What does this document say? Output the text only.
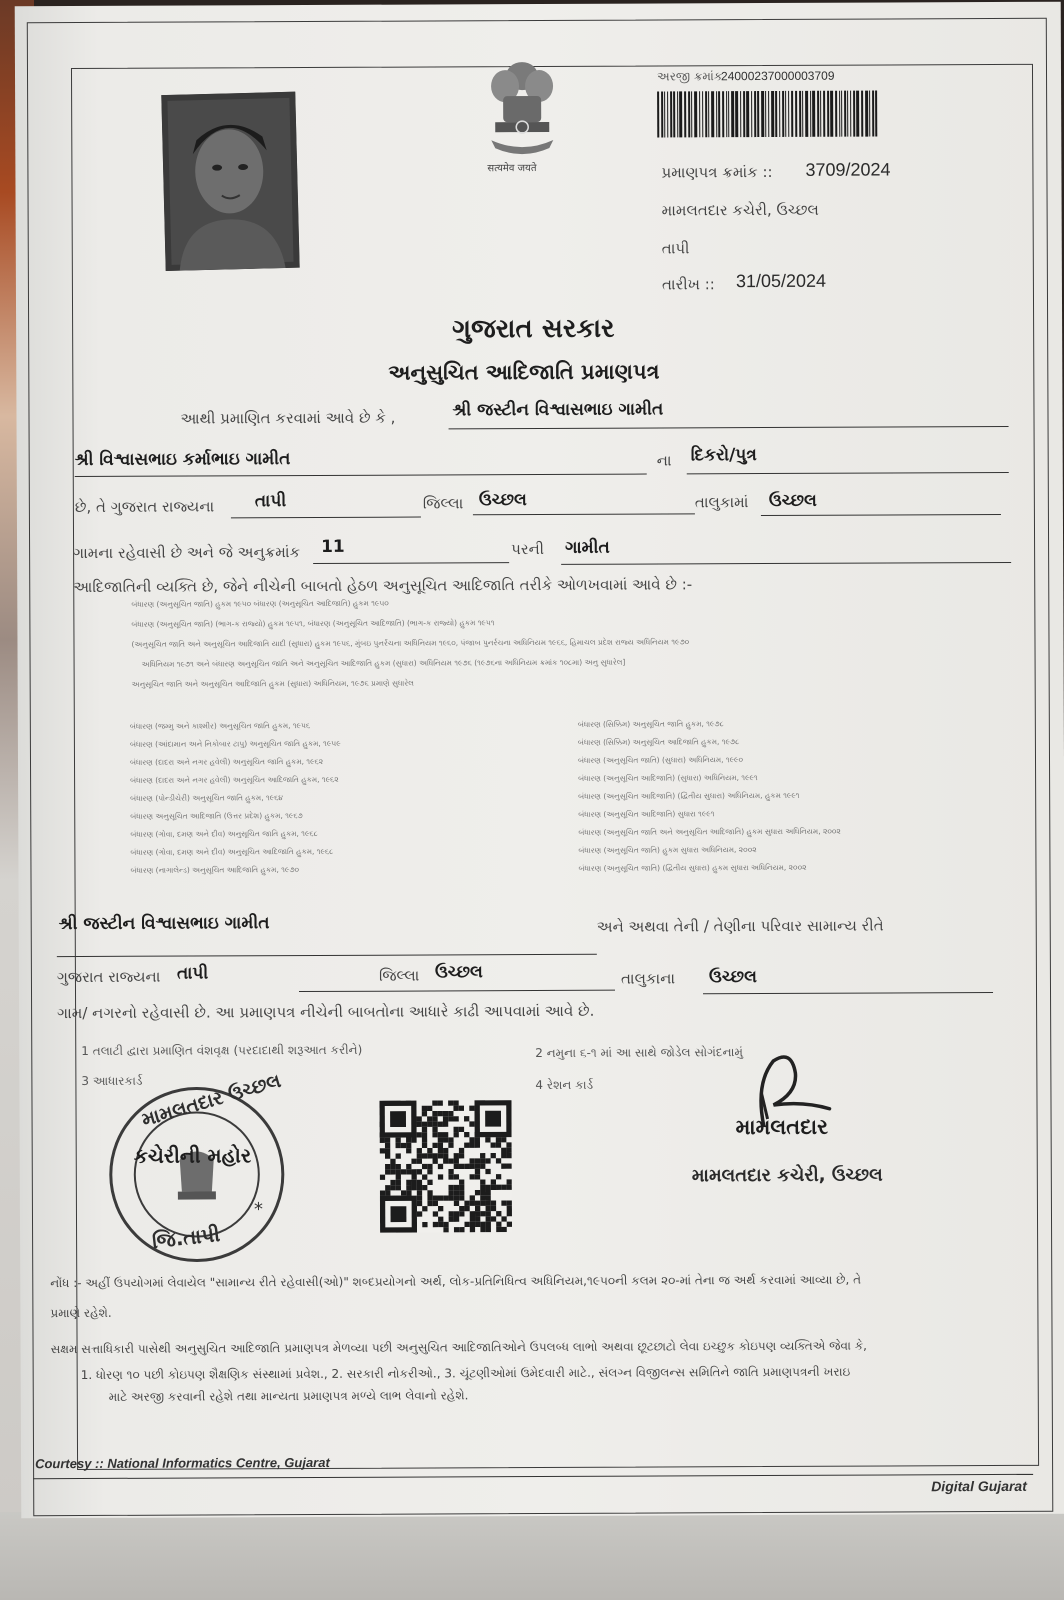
सत्यमेव जयते
અરજી ક્રમાંક
24000237000003709
પ્રમાણપત્ર ક્રમાંક :: 3709/2024
મામલતદાર કચેરી, ઉચ્છલ
તાપી
તારીખ :: 31/05/2024
ગુજરાત સરકાર
અનુસુચિત આદિજાતિ પ્રમાણપત્ર
આથી પ્રમાણિત કરવામાં આવે છે કે ,	શ્રી જસ્ટીન વિશ્વાસભાઇ ગામીત
શ્રી વિશ્વાસભાઇ કર્માભાઇ ગામીત	ના દિકરો/પુત્ર
છે, તે ગુજરાત રાજ્યના તાપી	જિલ્લા ઉચ્છલ	તાલુકામાં ઉચ્છલ
ગામના રહેવાસી છે અને જે અનુક્રમાંક 11	પરની ગામીત
આદિજાતિની વ્યક્તિ છે, જેને નીચેની બાબતો હેઠળ અનુસૂચિત આદિજાતિ તરીકે ઓળખવામાં આવે છે :-
બંધારણ (અનુસૂચિત જાતિ) હુકમ ૧૯૫૦ બંધારણ (અનુસૂચિત આદિજાતિ) હુકમ ૧૯૫૦
બંધારણ (અનુસૂચિત જાતિ) (ભાગ-ક રાજ્યો) હુકમ ૧૯૫૧, બંધારણ (અનુસૂચિત આદિજાતિ) (ભાગ-ક રાજ્યો) હુકમ ૧૯૫૧
(અનુસૂચિત જાતિ અને અનુસૂચિત આદિજાતિ યાદી (સુધારા) હુકમ ૧૯૫૬, મુંબઇ પુનર્રચના અધિનિયમ ૧૯૬૦, પંજાબ પુનર્રચના અધિનિયમ ૧૯૬૬, હિમાચલ પ્રદેશ રાજ્ય અધિનિયમ ૧૯૭૦
અધિનિયમ ૧૯૭૧ અને બંધારણ અનુસૂચિત જાતિ અને અનુસૂચિત આદિજાતિ હુકમ (સુધારા) અધિનિયમ ૧૯૭૬ (૧૯૭૬ના અધિનિયમ ક્રમાંક ૧૦૮મા) અનુ સુધારેલ]
અનુસૂચિત જાતિ અને અનુસૂચિત આદિજાતિ હુકમ (સુધારા) અધિનિયમ, ૧૯૭૬ પ્રમાણે સુધારેલ
બંધારણ (જમ્મુ અને કાશ્મીર) અનુસૂચિત જાતિ હુકમ, ૧૯૫૬
બંધારણ (આંદામાન અને નિકોબાર ટાપુ) અનુસૂચિત જાતિ હુકમ, ૧૯૫૯
બંધારણ (દાદરા અને નગર હવેલી) અનુસૂચિત જાતિ હુકમ, ૧૯૬૨
બંધારણ (દાદરા અને નગર હવેલી) અનુસૂચિત આદિજાતિ હુકમ, ૧૯૬૨
બંધારણ (પોન્ડીચેરી) અનુસૂચિત જાતિ હુકમ, ૧૯૬૪
બંધારણ અનુસૂચિત આદિજાતિ (ઉત્તર પ્રદેશ) હુકમ, ૧૯૬૭
બંધારણ (ગોવા, દમણ અને દીવ) અનુસૂચિત જાતિ હુકમ, ૧૯૬૮
બંધારણ (ગોવા, દમણ અને દીવ) અનુસૂચિત આદિજાતિ હુકમ, ૧૯૬૮
બંધારણ (નાગાલેન્ડ) અનુસૂચિત આદિજાતિ હુકમ, ૧૯૭૦
બંધારણ (સિક્કિમ) અનુસૂચિત જાતિ હુકમ, ૧૯૭૮
બંધારણ (સિક્કિમ) અનુસૂચિત આદિજાતિ હુકમ, ૧૯૭૮
બંધારણ (અનુસૂચિત જાતિ) (સુધારા) અધિનિયમ, ૧૯૯૦
બંધારણ (અનુસૂચિત આદિજાતિ) (સુધારા) અધિનિયમ, ૧૯૯૧
બંધારણ (અનુસૂચિત આદિજાતિ) (દ્વિતીય સુધારા) અધિનિયમ, હુકમ ૧૯૯૧
બંધારણ (અનુસૂચિત આદિજાતિ) સુધારા ૧૯૯૧
બંધારણ (અનુસૂચિત જાતિ અને અનુસૂચિત આદિજાતિ) હુકમ સુધારા અધિનિયમ, ૨૦૦૨
બંધારણ (અનુસૂચિત જાતિ) હુકમ સુધારા અધિનિયમ, ૨૦૦૨
બંધારણ (અનુસૂચિત જાતિ) (દ્વિતીય સુધારા) હુકમ સુધારા અધિનિયમ, ૨૦૦૨
શ્રી જસ્ટીન વિશ્વાસભાઇ ગામીત	અને અથવા તેની / તેણીના પરિવાર સામાન્ય રીતે
ગુજરાત રાજ્યના તાપી	જિલ્લા ઉચ્છલ	તાલુકાના ઉચ્છલ
ગામ/ નગરનો રહેવાસી છે. આ પ્રમાણપત્ર નીચેની બાબતોના આધારે કાઢી આપવામાં આવે છે.
1 તલાટી દ્વારા પ્રમાણિત વંશવૃક્ષ (પરદાદાથી શરૂઆત કરીને)	2 નમુના ૬-૧ માં આ સાથે જોડેલ સોગંદનામું
3 આધારકાર્ડ	4 રેશન કાર્ડ
*
મામલતદાર ઉચ્છલ
કચેરીની મહોર
જિ.તાપી
મામલતદાર
મામલતદાર કચેરી, ઉચ્છલ
નોંધ :- અહીં ઉપયોગમાં લેવાયેલ "સામાન્ય રીતે રહેવાસી(ઓ)" શબ્દપ્રયોગનો અર્થ, લોક-પ્રતિનિધિત્વ અધિનિયમ,૧૯૫૦ની કલમ ૨૦-માં તેના જ અર્થ કરવામાં આવ્યા છે, તે
પ્રમાણે રહેશે.
સક્ષમ સત્તાધિકારી પાસેથી અનુસુચિત આદિજાતિ પ્રમાણપત્ર મેળવ્યા પછી અનુસુચિત આદિજાતિઓને ઉપલબ્ધ લાભો અથવા છૂટછાટો લેવા ઇચ્છુક કોઇપણ વ્યક્તિએ જેવા કે,
1. ધોરણ ૧૦ પછી કોઇપણ શૈક્ષણિક સંસ્થામાં પ્રવેશ., 2. સરકારી નોકરીઓ., 3. ચૂંટણીઓમાં ઉમેદવારી માટે., સંલગ્ન વિજીલન્સ સમિતિને જાતિ પ્રમાણપત્રની ખરાઇ
માટે અરજી કરવાની રહેશે તથા માન્યતા પ્રમાણપત્ર મળ્યે લાભ લેવાનો રહેશે.
Courtesy :: National Informatics Centre, Gujarat
Digital Gujarat
